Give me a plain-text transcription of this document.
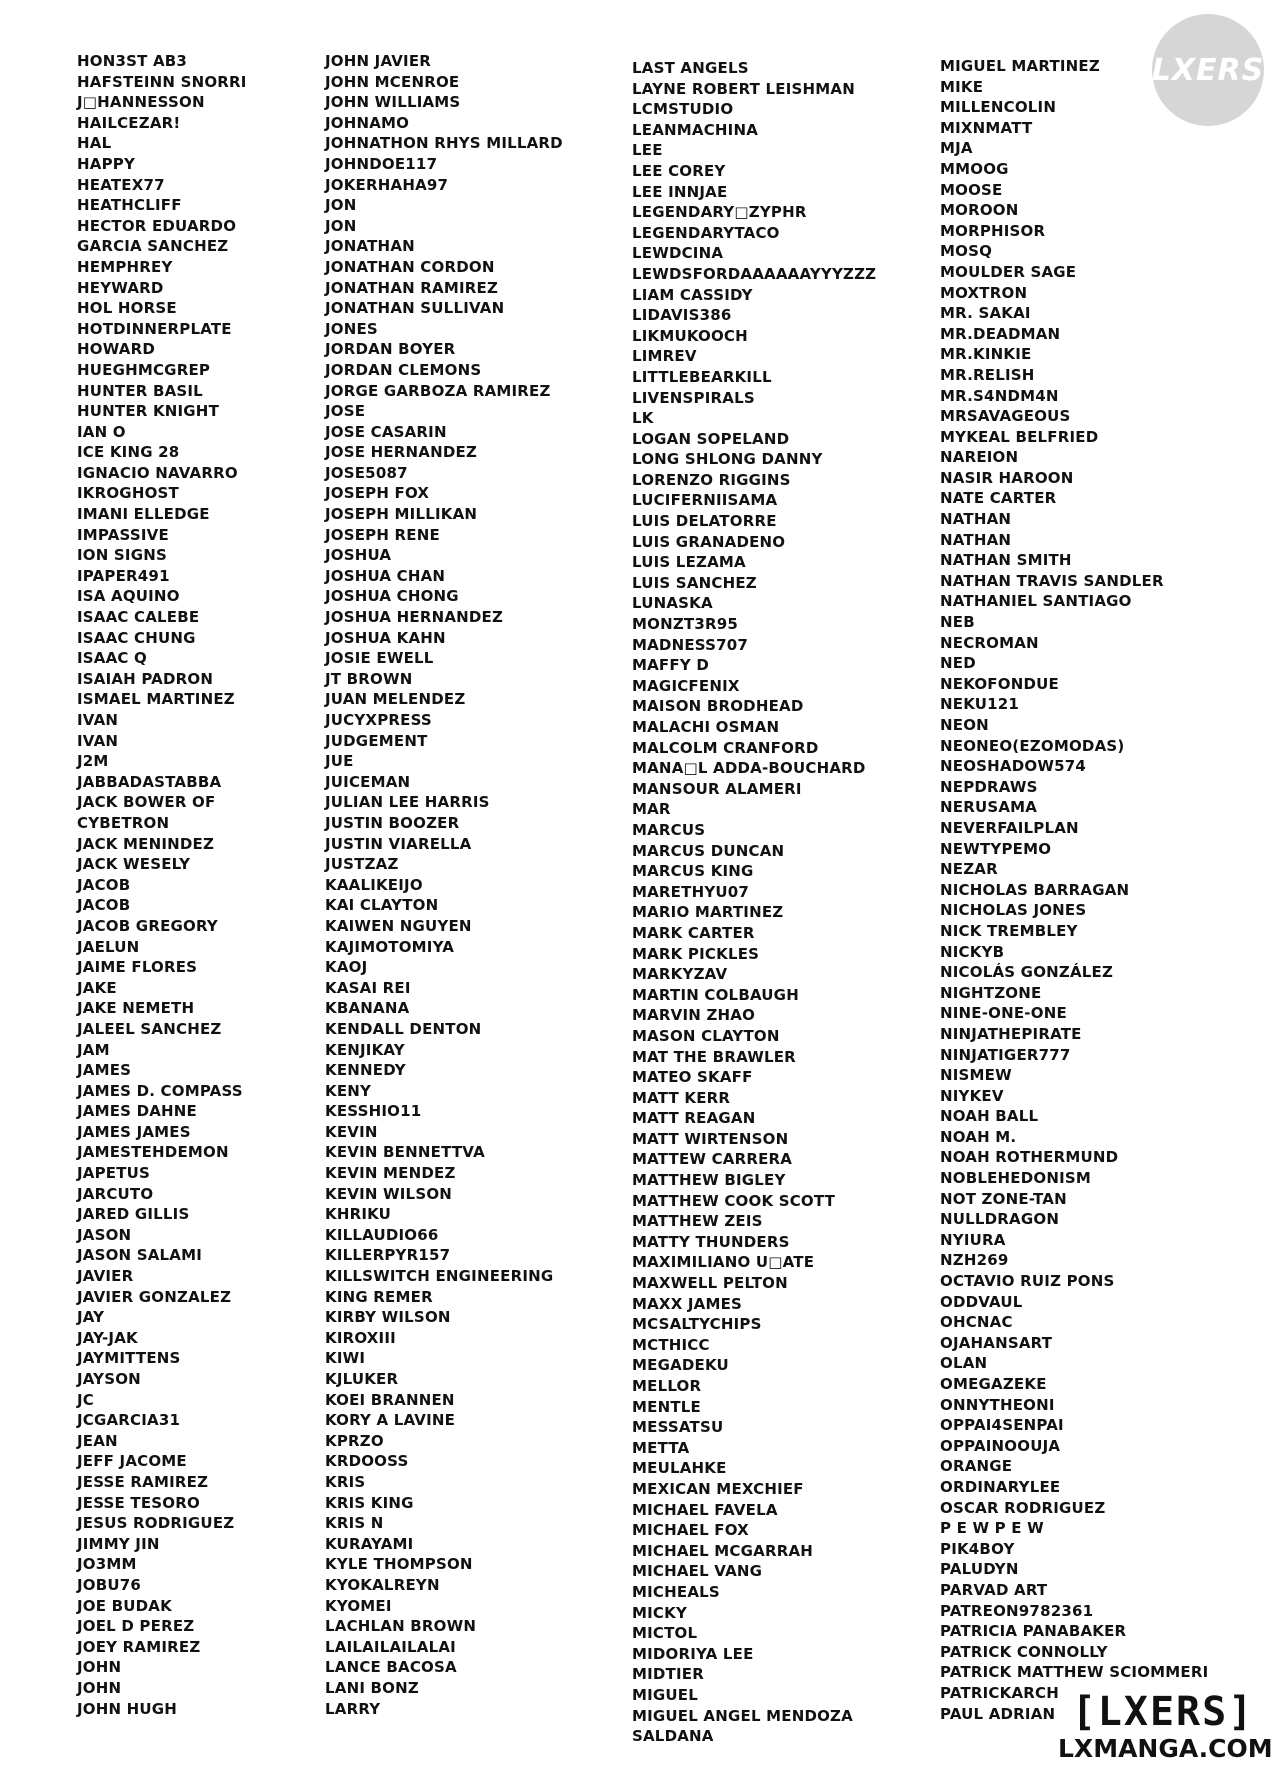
HON3ST AB3
HAFSTEINN SNORRI
J□HANNESSON
HAILCEZAR!
HAL
HAPPY
HEATEX77
HEATHCLIFF
HECTOR EDUARDO
GARCIA SANCHEZ
HEMPHREY
HEYWARD
HOL HORSE
HOTDINNERPLATE
HOWARD
HUEGHMCGREP
HUNTER BASIL
HUNTER KNIGHT
IAN O
ICE KING 28
IGNACIO NAVARRO
IKROGHOST
IMANI ELLEDGE
IMPASSIVE
ION SIGNS
IPAPER491
ISA AQUINO
ISAAC CALEBE
ISAAC CHUNG
ISAAC Q
ISAIAH PADRON
ISMAEL MARTINEZ
IVAN
IVAN
J2M
JABBADASTABBA
JACK BOWER OF
CYBETRON
JACK MENINDEZ
JACK WESELY
JACOB
JACOB
JACOB GREGORY
JAELUN
JAIME FLORES
JAKE
JAKE NEMETH
JALEEL SANCHEZ
JAM
JAMES
JAMES D. COMPASS
JAMES DAHNE
JAMES JAMES
JAMESTEHDEMON
JAPETUS
JARCUTO
JARED GILLIS
JASON
JASON SALAMI
JAVIER
JAVIER GONZALEZ
JAY
JAY-JAK
JAYMITTENS
JAYSON
JC
JCGARCIA31
JEAN
JEFF JACOME
JESSE RAMIREZ
JESSE TESORO
JESUS RODRIGUEZ
JIMMY JIN
JO3MM
JOBU76
JOE BUDAK
JOEL D PEREZ
JOEY RAMIREZ
JOHN
JOHN
JOHN HUGH
JOHN JAVIER
JOHN MCENROE
JOHN WILLIAMS
JOHNAMO
JOHNATHON RHYS MILLARD
JOHNDOE117
JOKERHAHA97
JON
JON
JONATHAN
JONATHAN CORDON
JONATHAN RAMIREZ
JONATHAN SULLIVAN
JONES
JORDAN BOYER
JORDAN CLEMONS
JORGE GARBOZA RAMIREZ
JOSE
JOSE CASARIN
JOSE HERNANDEZ
JOSE5087
JOSEPH FOX
JOSEPH MILLIKAN
JOSEPH RENE
JOSHUA
JOSHUA CHAN
JOSHUA CHONG
JOSHUA HERNANDEZ
JOSHUA KAHN
JOSIE EWELL
JT BROWN
JUAN MELENDEZ
JUCYXPRESS
JUDGEMENT
JUE
JUICEMAN
JULIAN LEE HARRIS
JUSTIN BOOZER
JUSTIN VIARELLA
JUSTZAZ
KAALIKEIJO
KAI CLAYTON
KAIWEN NGUYEN
KAJIMOTOMIYA
KAOJ
KASAI REI
KBANANA
KENDALL DENTON
KENJIKAY
KENNEDY
KENY
KESSHIO11
KEVIN
KEVIN BENNETTVA
KEVIN MENDEZ
KEVIN WILSON
KHRIKU
KILLAUDIO66
KILLERPYR157
KILLSWITCH ENGINEERING
KING REMER
KIRBY WILSON
KIROXIII
KIWI
KJLUKER
KOEI BRANNEN
KORY A LAVINE
KPRZO
KRDOOSS
KRIS
KRIS KING
KRIS N
KURAYAMI
KYLE THOMPSON
KYOKALREYN
KYOMEI
LACHLAN BROWN
LAILAILAILALAI
LANCE BACOSA
LANI BONZ
LARRY
LAST ANGELS
LAYNE ROBERT LEISHMAN
LCMSTUDIO
LEANMACHINA
LEE
LEE COREY
LEE INNJAE
LEGENDARY□ZYPHR
LEGENDARYTACO
LEWDCINA
LEWDSFORDAAAAAAYYYZZZ
LIAM CASSIDY
LIDAVIS386
LIKMUKOOCH
LIMREV
LITTLEBEARKILL
LIVENSPIRALS
LK
LOGAN SOPELAND
LONG SHLONG DANNY
LORENZO RIGGINS
LUCIFERNIISAMA
LUIS DELATORRE
LUIS GRANADENO
LUIS LEZAMA
LUIS SANCHEZ
LUNASKA
MONZT3R95
MADNESS707
MAFFY D
MAGICFENIX
MAISON BRODHEAD
MALACHI OSMAN
MALCOLM CRANFORD
MANA□L ADDA-BOUCHARD
MANSOUR ALAMERI
MAR
MARCUS
MARCUS DUNCAN
MARCUS KING
MARETHYU07
MARIO MARTINEZ
MARK CARTER
MARK PICKLES
MARKYZAV
MARTIN COLBAUGH
MARVIN ZHAO
MASON CLAYTON
MAT THE BRAWLER
MATEO SKAFF
MATT KERR
MATT REAGAN
MATT WIRTENSON
MATTEW CARRERA
MATTHEW BIGLEY
MATTHEW COOK SCOTT
MATTHEW ZEIS
MATTY THUNDERS
MAXIMILIANO U□ATE
MAXWELL PELTON
MAXX JAMES
MCSALTYCHIPS
MCTHICC
MEGADEKU
MELLOR
MENTLE
MESSATSU
METTA
MEULAHKE
MEXICAN MEXCHIEF
MICHAEL FAVELA
MICHAEL FOX
MICHAEL MCGARRAH
MICHAEL VANG
MICHEALS
MICKY
MICTOL
MIDORIYA LEE
MIDTIER
MIGUEL
MIGUEL ANGEL MENDOZA
SALDANA
MIGUEL MARTINEZ
MIKE
MILLENCOLIN
MIXNMATT
MJA
MMOOG
MOOSE
MOROON
MORPHISOR
MOSQ
MOULDER SAGE
MOXTRON
MR. SAKAI
MR.DEADMAN
MR.KINKIE
MR.RELISH
MR.S4NDM4N
MRSAVAGEOUS
MYKEAL BELFRIED
NAREION
NASIR HAROON
NATE CARTER
NATHAN
NATHAN
NATHAN SMITH
NATHAN TRAVIS SANDLER
NATHANIEL SANTIAGO
NEB
NECROMAN
NED
NEKOFONDUE
NEKU121
NEON
NEONEO(EZOMODAS)
NEOSHADOW574
NEPDRAWS
NERUSAMA
NEVERFAILPLAN
NEWTYPEMO
NEZAR
NICHOLAS BARRAGAN
NICHOLAS JONES
NICK TREMBLEY
NICKYB
NICOLÁS GONZÁLEZ
NIGHTZONE
NINE-ONE-ONE
NINJATHEPIRATE
NINJATIGER777
NISMEW
NIYKEV
NOAH BALL
NOAH M.
NOAH ROTHERMUND
NOBLEHEDONISM
NOT ZONE-TAN
NULLDRAGON
NYIURA
NZH269
OCTAVIO RUIZ PONS
ODDVAUL
OHCNAC
OJAHANSART
OLAN
OMEGAZEKE
ONNYTHEONI
OPPAI4SENPAI
OPPAINOOUJA
ORANGE
ORDINARYLEE
OSCAR RODRIGUEZ
P E W P E W
PIK4BOY
PALUDYN
PARVAD ART
PATREON9782361
PATRICIA PANABAKER
PATRICK CONNOLLY
PATRICK MATTHEW SCIOMMERI
PATRICKARCH
PAUL ADRIAN
LXERS
[LXERS]
LXMANGA.COM
